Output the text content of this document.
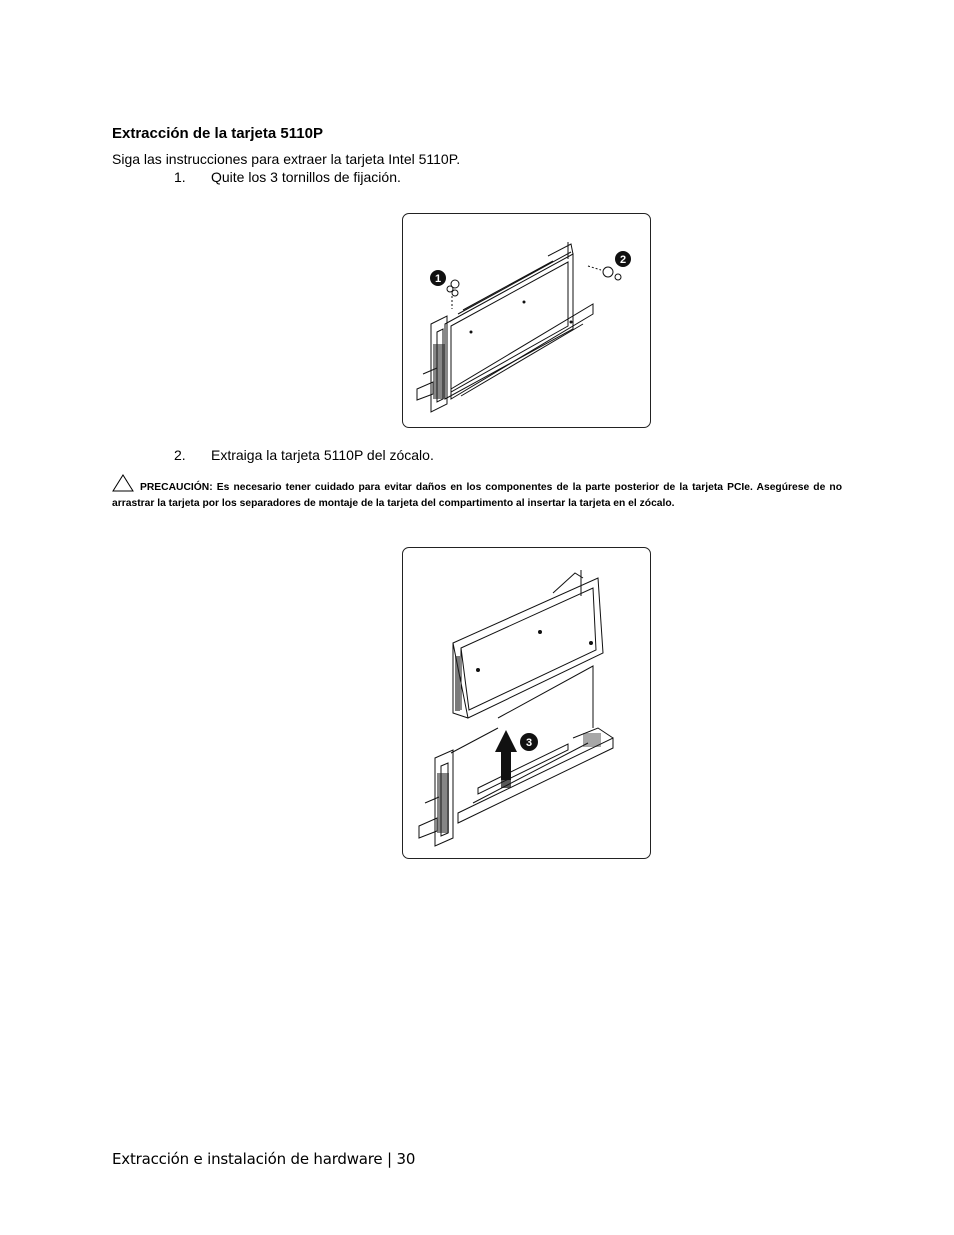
Extracción de la tarjeta 5110P
Siga las instrucciones para extraer la tarjeta Intel 5110P.
1. Quite los 3 tornillos de fijación.
1
2
2. Extraiga la tarjeta 5110P del zócalo.
PRECAUCIÓN: Es necesario tener cuidado para evitar daños en los componentes de la parte posterior de la tarjeta PCIe. Asegúrese de no arrastrar la tarjeta por los separadores de montaje de la tarjeta del compartimento al insertar la tarjeta en el zócalo.
3
Extracción e instalación de hardware | 30
